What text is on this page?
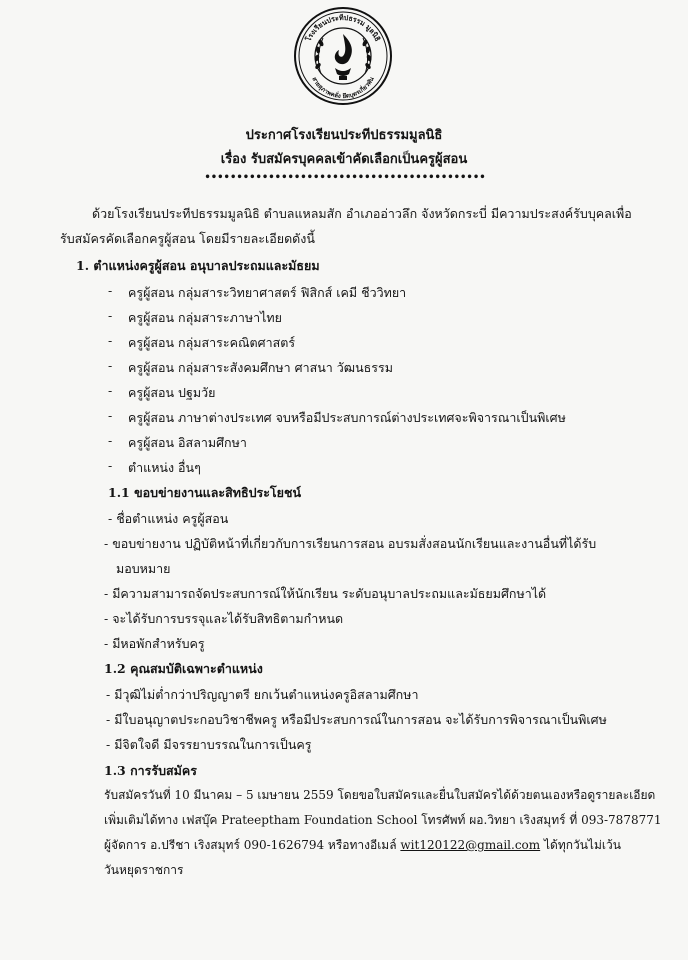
โรงเรียนประทีปธรรม มูลนิธิ
สายสุภาพคลั่ง ยึดบุตรเกี่ยวพัน
ประกาศโรงเรียนประทีปธรรมมูลนิธิ
เรื่อง รับสมัครบุคคลเข้าคัดเลือกเป็นครูผู้สอน
••••••••••••••••••••••••••••••••••••••••••••
ด้วยโรงเรียนประทีปธรรมมูลนิธิ ตำบลแหลมสัก อำเภออ่าวลึก จังหวัดกระบี่ มีความประสงค์รับบุคลเพื่อ
รับสมัครคัดเลือกครูผู้สอน โดยมีรายละเอียดดังนี้
1. ตำแหน่งครูผู้สอน อนุบาลประถมและมัธยม
- ครูผู้สอน กลุ่มสาระวิทยาศาสตร์ ฟิสิกส์ เคมี ชีววิทยา
- ครูผู้สอน กลุ่มสาระภาษาไทย
- ครูผู้สอน กลุ่มสาระคณิตศาสตร์
- ครูผู้สอน กลุ่มสาระสังคมศึกษา ศาสนา วัฒนธรรม
- ครูผู้สอน ปฐมวัย
- ครูผู้สอน ภาษาต่างประเทศ จบหรือมีประสบการณ์ต่างประเทศจะพิจารณาเป็นพิเศษ
- ครูผู้สอน อิสลามศึกษา
- ตำแหน่ง อื่นๆ
1.1 ขอบข่ายงานและสิทธิประโยชน์
- ชื่อตำแหน่ง ครูผู้สอน
- ขอบข่ายงาน ปฏิบัติหน้าที่เกี่ยวกับการเรียนการสอน อบรมสั่งสอนนักเรียนและงานอื่นที่ได้รับ
มอบหมาย
- มีความสามารถจัดประสบการณ์ให้นักเรียน ระดับอนุบาลประถมและมัธยมศึกษาได้
- จะได้รับการบรรจุและได้รับสิทธิตามกำหนด
- มีหอพักสำหรับครู
1.2 คุณสมบัติเฉพาะตำแหน่ง
- มีวุฒิไม่ต่ำกว่าปริญญาตรี ยกเว้นตำแหน่งครูอิสลามศึกษา
- มีใบอนุญาตประกอบวิชาชีพครู หรือมีประสบการณ์ในการสอน จะได้รับการพิจารณาเป็นพิเศษ
- มีจิตใจดี มีจรรยาบรรณในการเป็นครู
1.3 การรับสมัคร
รับสมัครวันที่ 10 มีนาคม – 5 เมษายน 2559 โดยขอใบสมัครและยื่นใบสมัครได้ด้วยตนเองหรือดูรายละเอียด
เพิ่มเติมได้ทาง เฟสบุ๊ค Prateeptham Foundation School โทรศัพท์ ผอ.วิทยา เริงสมุทร์ ที่ 093-7878771
ผู้จัดการ อ.ปรีชา เริงสมุทร์ 090-1626794 หรือทางอีเมล์ wit120122@gmail.com ได้ทุกวันไม่เว้น
วันหยุดราชการ
